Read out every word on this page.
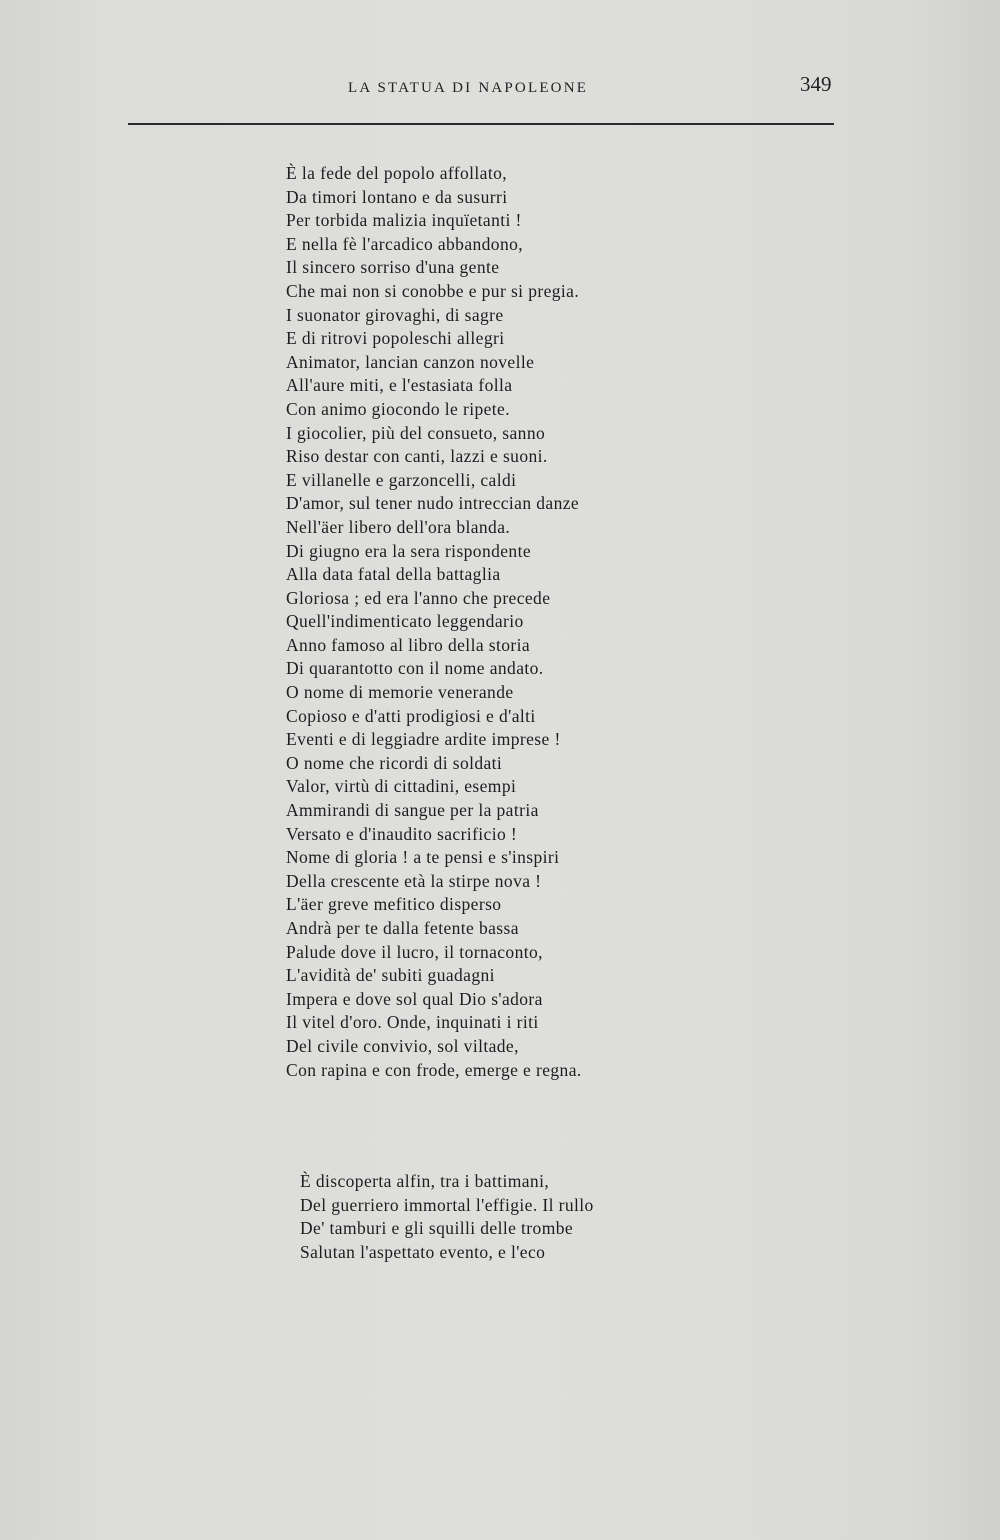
LA STATUA DI NAPOLEONE	349
È la fede del popolo affollato,
Da timori lontano e da susurri
Per torbida malizia inquïetanti !
E nella fè l'arcadico abbandono,
Il sincero sorriso d'una gente
Che mai non si conobbe e pur si pregia.
I suonator girovaghi, di sagre
E di ritrovi popoleschi allegri
Animator, lancian canzon novelle
All'aure miti, e l'estasiata folla
Con animo giocondo le ripete.
I giocolier, più del consueto, sanno
Riso destar con canti, lazzi e suoni.
E villanelle e garzoncelli, caldi
D'amor, sul tener nudo intreccian danze
Nell'äer libero dell'ora blanda.
Di giugno era la sera rispondente
Alla data fatal della battaglia
Gloriosa ; ed era l'anno che precede
Quell'indimenticato leggendario
Anno famoso al libro della storia
Di quarantotto con il nome andato.
O nome di memorie venerande
Copioso e d'atti prodigiosi e d'alti
Eventi e di leggiadre ardite imprese !
O nome che ricordi di soldati
Valor, virtù di cittadini, esempi
Ammirandi di sangue per la patria
Versato e d'inaudito sacrificio !
Nome di gloria ! a te pensi e s'inspiri
Della crescente età la stirpe nova !
L'äer greve mefitico disperso
Andrà per te dalla fetente bassa
Palude dove il lucro, il tornaconto,
L'avidità de' subiti guadagni
Impera e dove sol qual Dio s'adora
Il vitel d'oro. Onde, inquinati i riti
Del civile convivio, sol viltade,
Con rapina e con frode, emerge e regna.
È discoperta alfin, tra i battimani,
Del guerriero immortal l'effigie. Il rullo
De' tamburi e gli squilli delle trombe
Salutan l'aspettato evento, e l'eco
